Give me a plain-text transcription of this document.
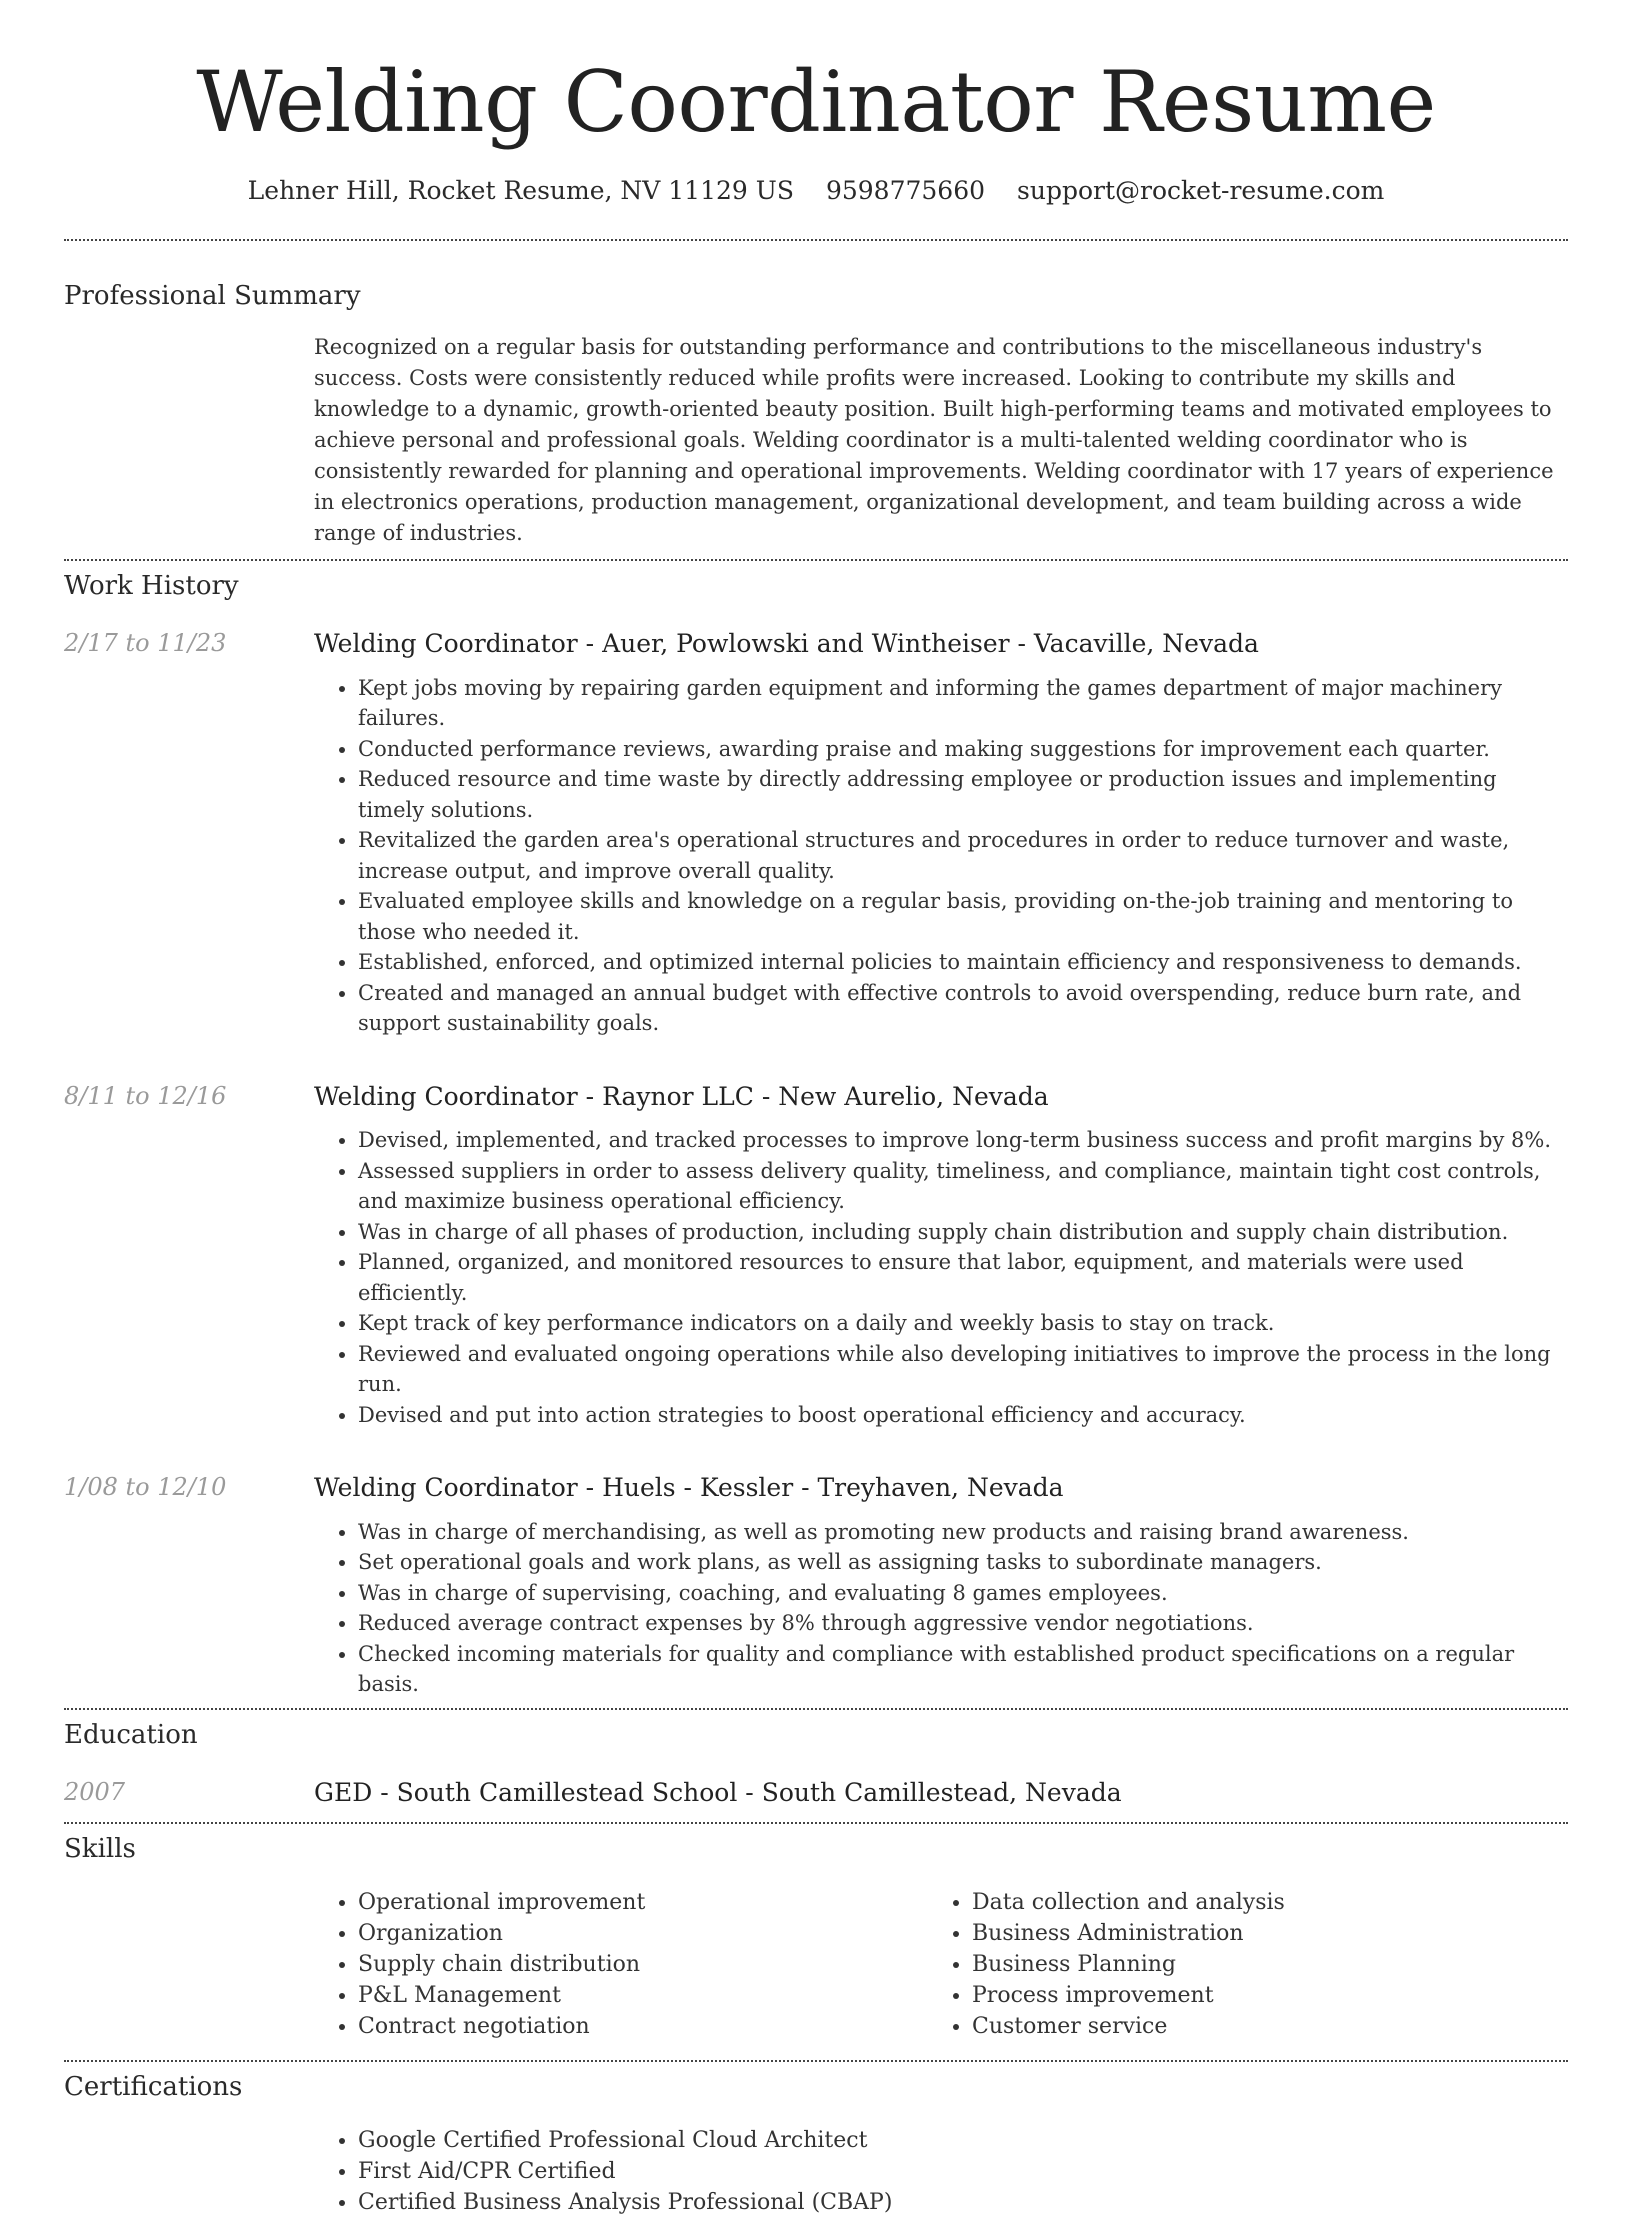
Welding Coordinator Resume
Lehner Hill, Rocket Resume, NV 11129 US 9598775660 support@rocket-resume.com
Professional Summary

Recognized on a regular basis for outstanding performance and contributions to the miscellaneous industry's success. Costs were consistently reduced while profits were increased. Looking to contribute my skills and knowledge to a dynamic, growth-oriented beauty position. Built high-performing teams and motivated employees to achieve personal and professional goals. Welding coordinator is a multi-talented welding coordinator who is consistently rewarded for planning and operational improvements. Welding coordinator with 17 years of experience in electronics operations, production management, organizational development, and team building across a wide range of industries.

Work History
2/17 to 11/23	Welding Coordinator - Auer, Powlowski and Wintheiser - Vacaville, Nevada

• Kept jobs moving by repairing garden equipment and informing the games department of major machinery failures.
• Conducted performance reviews, awarding praise and making suggestions for improvement each quarter.
• Reduced resource and time waste by directly addressing employee or production issues and implementing timely solutions.
• Revitalized the garden area's operational structures and procedures in order to reduce turnover and waste, increase output, and improve overall quality.
• Evaluated employee skills and knowledge on a regular basis, providing on-the-job training and mentoring to those who needed it.
• Established, enforced, and optimized internal policies to maintain efficiency and responsiveness to demands.
• Created and managed an annual budget with effective controls to avoid overspending, reduce burn rate, and support sustainability goals.
8/11 to 12/16	Welding Coordinator - Raynor LLC - New Aurelio, Nevada

• Devised, implemented, and tracked processes to improve long-term business success and profit margins by 8%.
• Assessed suppliers in order to assess delivery quality, timeliness, and compliance, maintain tight cost controls, and maximize business operational efficiency.
• Was in charge of all phases of production, including supply chain distribution and supply chain distribution.
• Planned, organized, and monitored resources to ensure that labor, equipment, and materials were used efficiently.
• Kept track of key performance indicators on a daily and weekly basis to stay on track.
• Reviewed and evaluated ongoing operations while also developing initiatives to improve the process in the long run.
• Devised and put into action strategies to boost operational efficiency and accuracy.
1/08 to 12/10	Welding Coordinator - Huels - Kessler - Treyhaven, Nevada

• Was in charge of merchandising, as well as promoting new products and raising brand awareness.
• Set operational goals and work plans, as well as assigning tasks to subordinate managers.
• Was in charge of supervising, coaching, and evaluating 8 games employees.
• Reduced average contract expenses by 8% through aggressive vendor negotiations.
• Checked incoming materials for quality and compliance with established product specifications on a regular basis.
Education
2007	GED - South Camillestead School - South Camillestead, Nevada

Skills
• Operational improvement
• Organization
• Supply chain distribution
• P&L Management
• Contract negotiation
• Data collection and analysis
• Business Administration
• Business Planning
• Process improvement
• Customer service
Certifications
• Google Certified Professional Cloud Architect
• First Aid/CPR Certified
• Certified Business Analysis Professional (CBAP)
